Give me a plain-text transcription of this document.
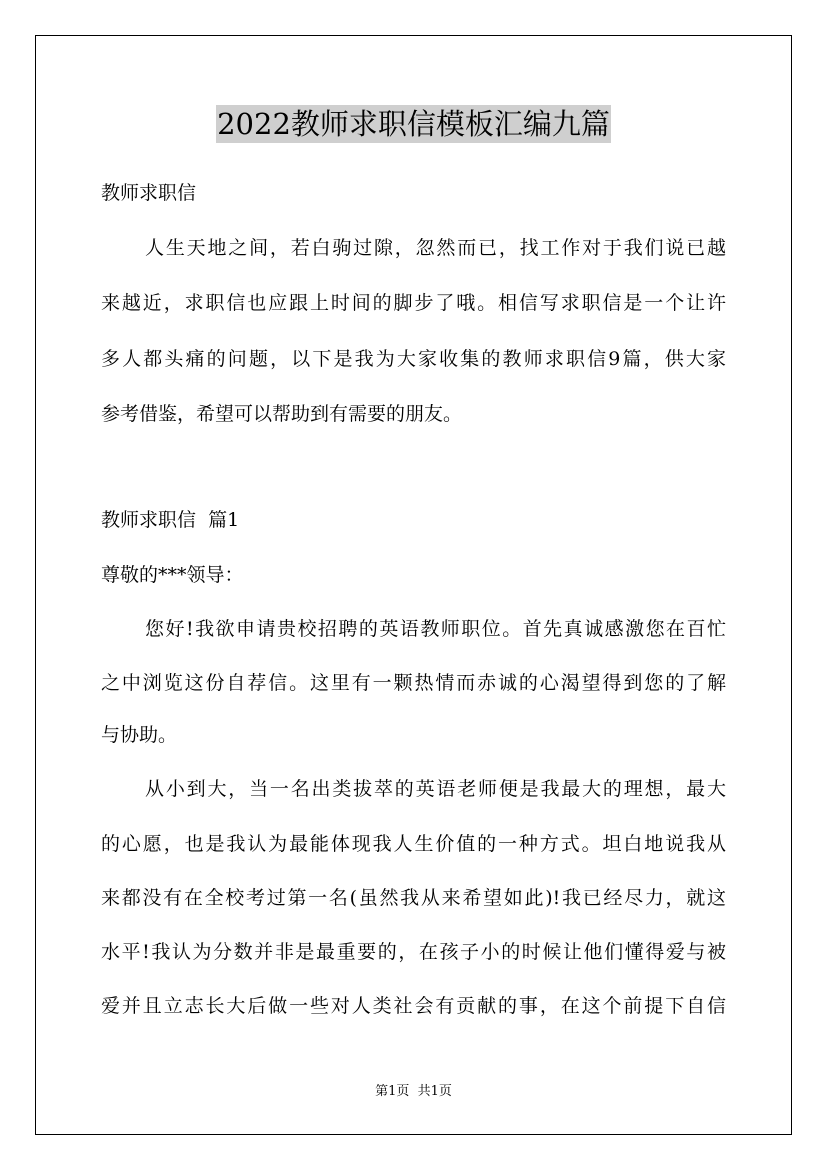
2022教师求职信模板汇编九篇
教师求职信
人生天地之间，若白驹过隙，忽然而已，找工作对于我们说已越
来越近，求职信也应跟上时间的脚步了哦。相信写求职信是一个让许
多人都头痛的问题，以下是我为大家收集的教师求职信9篇，供大家
参考借鉴，希望可以帮助到有需要的朋友。
教师求职信  篇1
尊敬的***领导：
您好!我欲申请贵校招聘的英语教师职位。首先真诚感激您在百忙
之中浏览这份自荐信。这里有一颗热情而赤诚的心渴望得到您的了解
与协助。
从小到大，当一名出类拔萃的英语老师便是我最大的理想，最大
的心愿，也是我认为最能体现我人生价值的一种方式。坦白地说我从
来都没有在全校考过第一名(虽然我从来希望如此)!我已经尽力，就这
水平!我认为分数并非是最重要的，在孩子小的时候让他们懂得爱与被
爱并且立志长大后做一些对人类社会有贡献的事，在这个前提下自信
第1页  共1页
